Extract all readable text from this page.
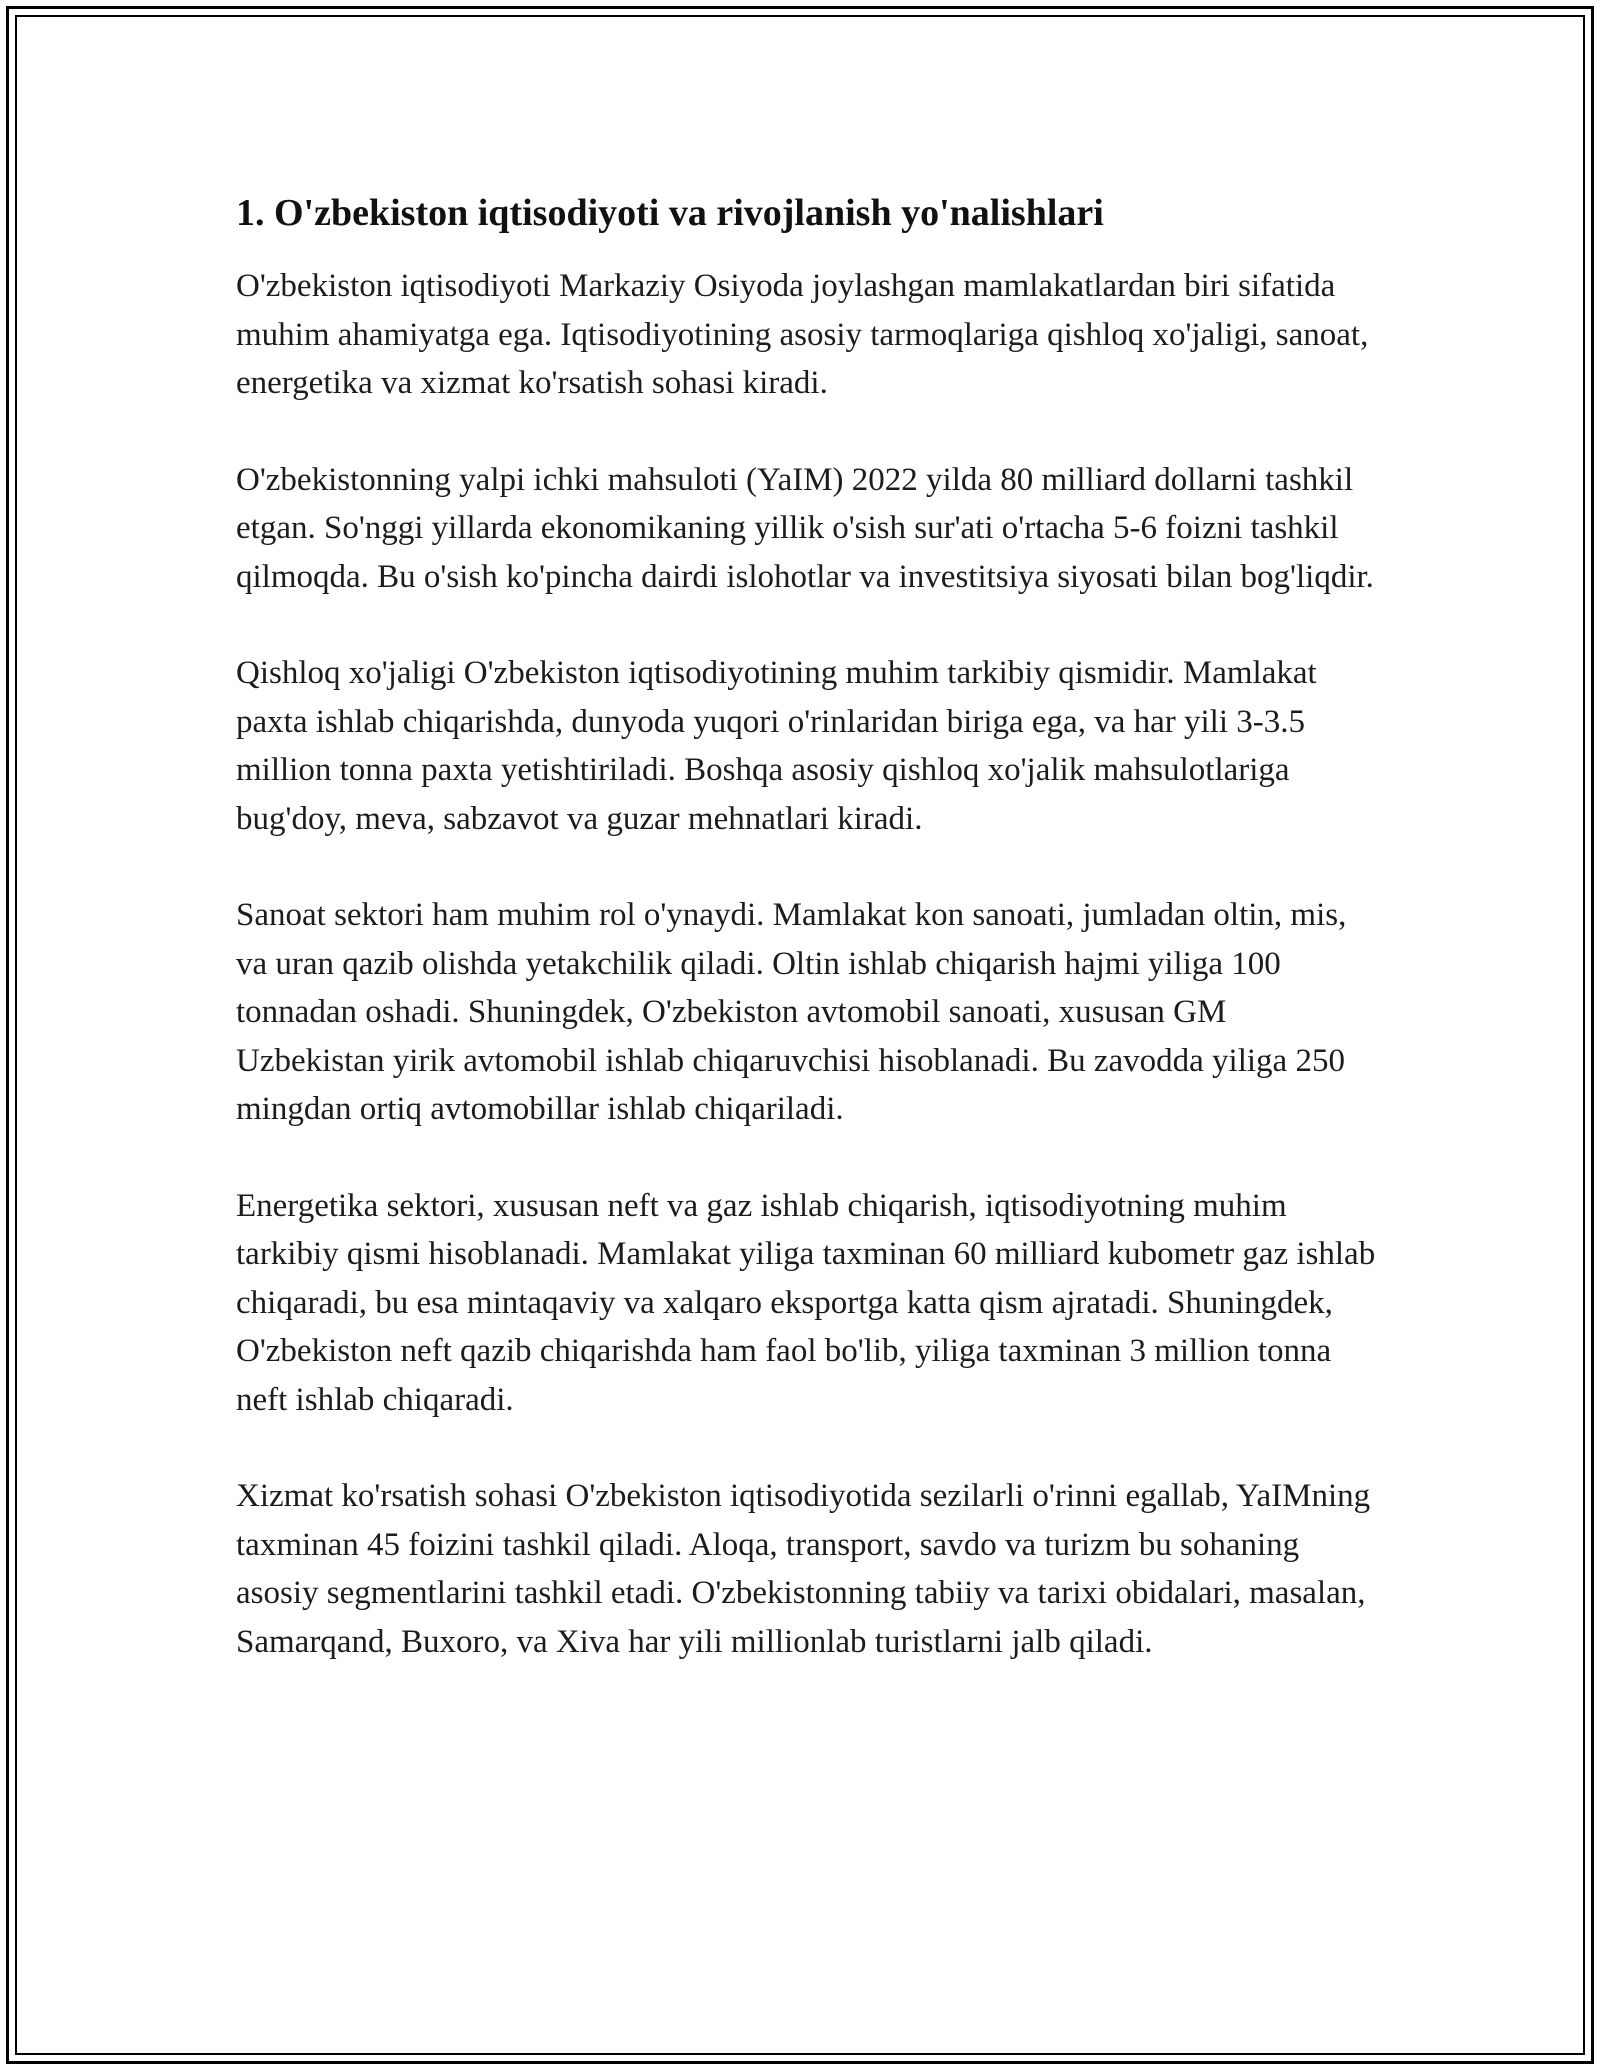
1. O'zbekiston iqtisodiyoti va rivojlanish yo'nalishlari

O'zbekiston iqtisodiyoti Markaziy Osiyoda joylashgan mamlakatlardan biri sifatida muhim ahamiyatga ega. Iqtisodiyotining asosiy tarmoqlariga qishloq xo'jaligi, sanoat, energetika va xizmat ko'rsatish sohasi kiradi.

O'zbekistonning yalpi ichki mahsuloti (YaIM) 2022 yilda 80 milliard dollarni tashkil etgan. So'nggi yillarda ekonomikaning yillik o'sish sur'ati o'rtacha 5-6 foizni tashkil qilmoqda. Bu o'sish ko'pincha dairdi islohotlar va investitsiya siyosati bilan bog'liqdir.

Qishloq xo'jaligi O'zbekiston iqtisodiyotining muhim tarkibiy qismidir. Mamlakat paxta ishlab chiqarishda, dunyoda yuqori o'rinlaridan biriga ega, va har yili 3-3.5 million tonna paxta yetishtiriladi. Boshqa asosiy qishloq xo'jalik mahsulotlariga bug'doy, meva, sabzavot va guzar mehnatlari kiradi.

Sanoat sektori ham muhim rol o'ynaydi. Mamlakat kon sanoati, jumladan oltin, mis, va uran qazib olishda yetakchilik qiladi. Oltin ishlab chiqarish hajmi yiliga 100 tonnadan oshadi. Shuningdek, O'zbekiston avtomobil sanoati, xususan GM Uzbekistan yirik avtomobil ishlab chiqaruvchisi hisoblanadi. Bu zavodda yiliga 250 mingdan ortiq avtomobillar ishlab chiqariladi.

Energetika sektori, xususan neft va gaz ishlab chiqarish, iqtisodiyotning muhim tarkibiy qismi hisoblanadi. Mamlakat yiliga taxminan 60 milliard kubometr gaz ishlab chiqaradi, bu esa mintaqaviy va xalqaro eksportga katta qism ajratadi. Shuningdek, O'zbekiston neft qazib chiqarishda ham faol bo'lib, yiliga taxminan 3 million tonna neft ishlab chiqaradi.

Xizmat ko'rsatish sohasi O'zbekiston iqtisodiyotida sezilarli o'rinni egallab, YaIMning taxminan 45 foizini tashkil qiladi. Aloqa, transport, savdo va turizm bu sohaning asosiy segmentlarini tashkil etadi. O'zbekistonning tabiiy va tarixi obidalari, masalan, Samarqand, Buxoro, va Xiva har yili millionlab turistlarni jalb qiladi.
